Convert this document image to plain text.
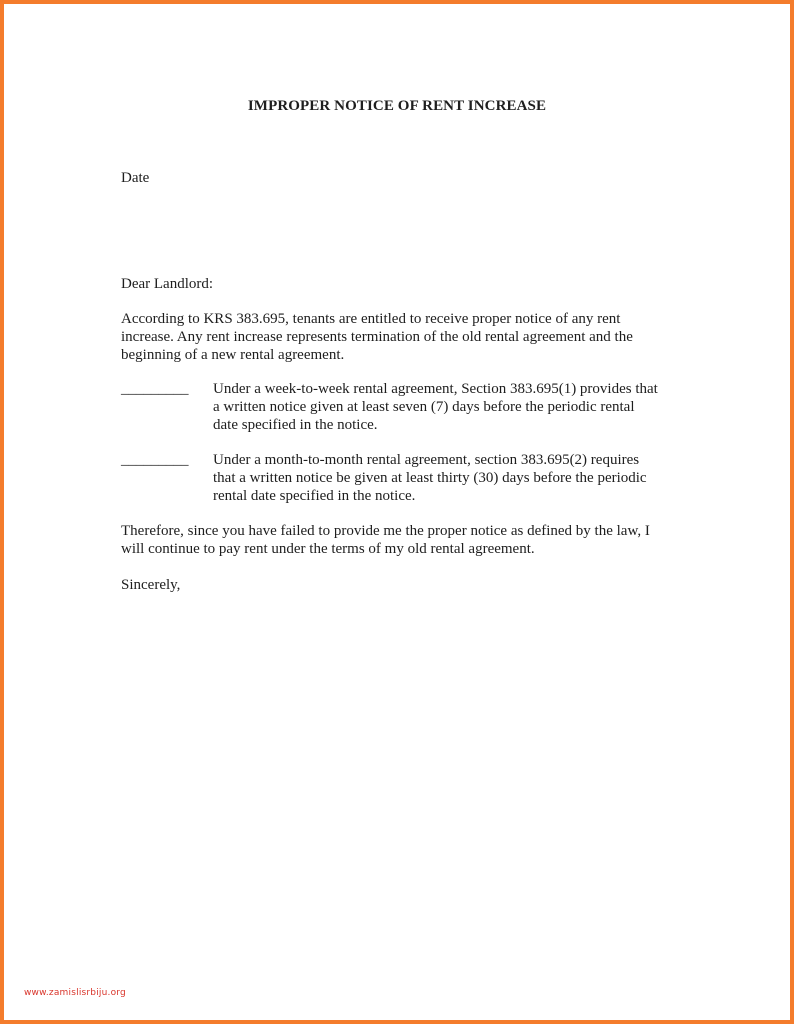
IMPROPER NOTICE OF RENT INCREASE
Date
Dear Landlord:
According to KRS 383.695, tenants are entitled to receive proper notice of any rent
increase. Any rent increase represents termination of the old rental agreement and the
beginning of a new rental agreement.
_________ Under a week-to-week rental agreement, Section 383.695(1) provides that
a written notice given at least seven (7) days before the periodic rental
date specified in the notice.
_________ Under a month-to-month rental agreement, section 383.695(2) requires
that a written notice be given at least thirty (30) days before the periodic
rental date specified in the notice.
Therefore, since you have failed to provide me the proper notice as defined by the law, I
will continue to pay rent under the terms of my old rental agreement.
Sincerely,
www.zamislisrbiju.org
